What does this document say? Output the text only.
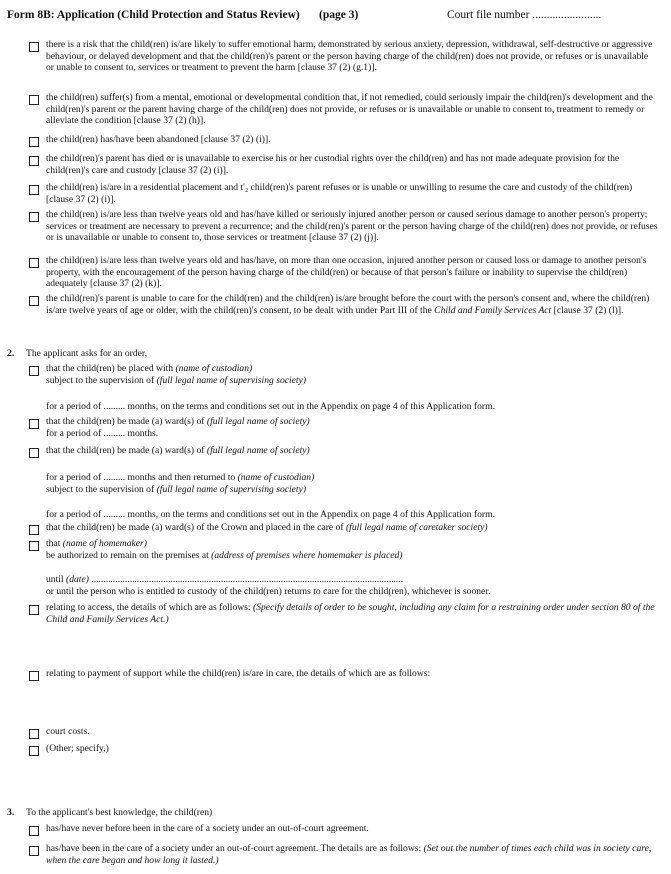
Form 8B: Application (Child Protection and Status Review) (page 3)	Court file number ........................
there is a risk that the child(ren) is/are likely to suffer emotional harm, demonstrated by serious anxiety, depression, withdrawal, self-destructive or aggressive behaviour, or delayed development and that the child(ren)'s parent or the person having charge of the child(ren) does not provide, or refuses or is unavailable or unable to consent to, services or treatment to prevent the harm [clause 37 (2) (g.1)].
the child(ren) suffer(s) from a mental, emotional or developmental condition that, if not remedied, could seriously impair the child(ren)'s development and the child(ren)'s parent or the parent having charge of the child(ren) does not provide, or refuses or is unavailable or unable to consent to, treatment to remedy or alleviate the condition [clause 37 (2) (h)].
the child(ren) has/have been abandoned [clause 37 (2) (i)].
the child(ren)'s parent has died or is unavailable to exercise his or her custodial rights over the child(ren) and has not made adequate provision for the child(ren)'s care and custody [clause 37 (2) (i)].
the child(ren) is/are in a residential placement and t'₂ child(ren)'s parent refuses or is unable or unwilling to resume the care and custody of the child(ren) [clause 37 (2) (i)].
the child(ren) is/are less than twelve years old and has/have killed or seriously injured another person or caused serious damage to another person's property; services or treatment are necessary to prevent a recurrence; and the child(ren)'s parent or the person having charge of the child(ren) does not provide, or refuses or is unavailable or unable to consent to, those services or treatment [clause 37 (2) (j)].
the child(ren) is/are less than twelve years old and has/have, on more than one occasion, injured another person or caused loss or damage to another person's property, with the encouragement of the person having charge of the child(ren) or because of that person's failure or inability to supervise the child(ren) adequately [clause 37 (2) (k)].
the child(ren)'s parent is unable to care for the child(ren) and the child(ren) is/are brought before the court with the person's consent and, where the child(ren) is/are twelve years of age or older, with the child(ren)'s consent, to be dealt with under Part III of the Child and Family Services Act [clause 37 (2) (l)].
2. The applicant asks for an order,
that the child(ren) be placed with (name of custodian)
subject to the supervision of (full legal name of supervising society)
for a period of ......... months, on the terms and conditions set out in the Appendix on page 4 of this Application form.
that the child(ren) be made (a) ward(s) of (full legal name of society)
for a period of ......... months.
that the child(ren) be made (a) ward(s) of (full legal name of society)
for a period of ......... months and then returned to (name of custodian)
subject to the supervision of (full legal name of supervising society)
for a period of ......... months, on the terms and conditions set out in the Appendix on page 4 of this Application form.
that the child(ren) be made (a) ward(s) of the Crown and placed in the care of (full legal name of caretaker society)
that (name of homemaker)
be authorized to remain on the premises at (address of premises where homemaker is placed)
until (date) ..................................................................................................................................
or until the person who is entitled to custody of the child(ren) returns to care for the child(ren), whichever is sooner.
relating to access, the details of which are as follows: (Specify details of order to be sought, including any claim for a restraining order under section 80 of the Child and Family Services Act.)
relating to payment of support while the child(ren) is/are in care, the details of which are as follows:
court costs.
(Other; specify,)
3. To the applicant's best knowledge, the child(ren)
has/have never before been in the care of a society under an out-of-court agreement.
has/have been in the care of a society under an out-of-court agreement. The details are as follows: (Set out the number of times each child was in society care, when the care began and how long it lasted.)
